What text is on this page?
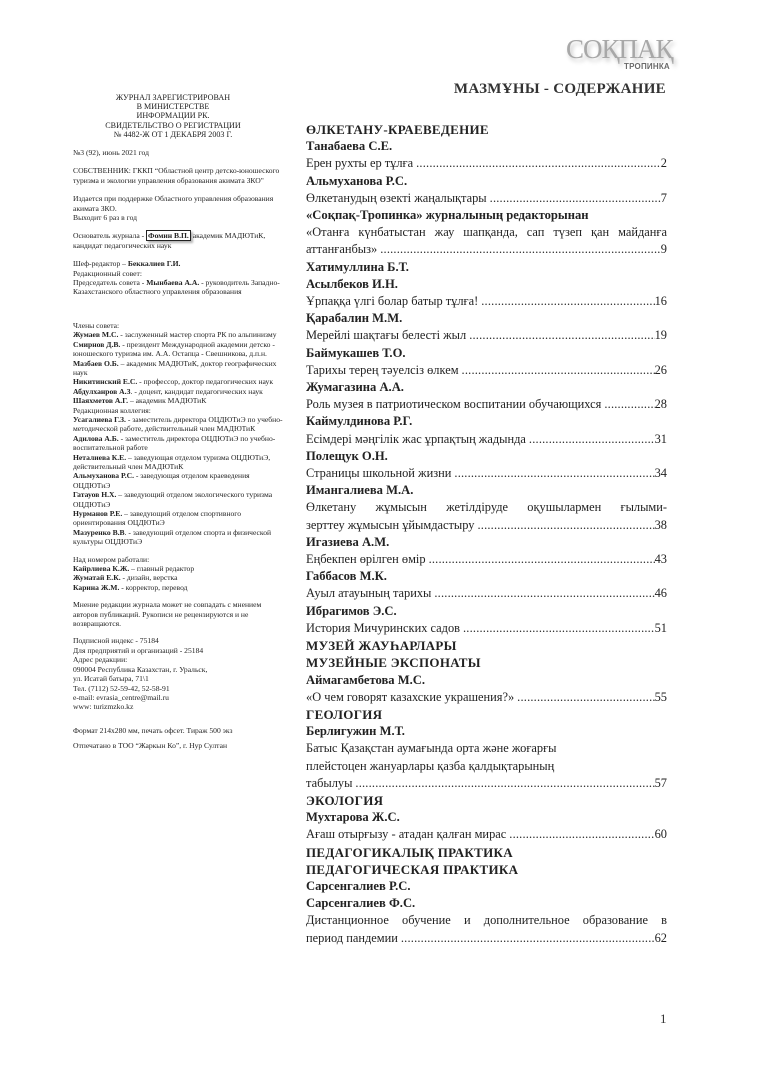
СОҚПАҚ
ТРОПИНКА
МАЗМҰНЫ - СОДЕРЖАНИЕ

ЖУРНАЛ ЗАРЕГИСТРИРОВАН

В МИНИСТЕРСТВЕ

ИНФОРМАЦИИ РК.

СВИДЕТЕЛЬСТВО О РЕГИСТРАЦИИ

№ 4482-Ж ОТ 1 ДЕКАБРЯ 2003 Г.

№3 (92), июнь 2021 год

СОБСТВЕННИК: ГККП “Областной центр детско-юношеского туризма и экологии управления образования акимата ЗКО"

Издается при поддержке Областного управления образования акимата ЗКО.

Выходит 6 раз в год

Основатель журнала - Фомин В.П. академик МАДЮТиК, кандидат педагогических наук

Шеф-редактор – Беккалиев Г.И.

Редакционный совет:

Председатель совета - Мынбаева А.А. - руководитель Западно-Казахстанского областного управления образования

Члены совета:

Жумаев М.С. - заслуженный мастер спорта РК по альпинизму

Смирнов Д.В. - президент Международной академии детско - юношеского туризма им. А.А. Остапца - Свешникова, д.п.н.

Мазбаев О.Б. – академик МАДЮТиК, доктор географических наук

Никитинский Е.С. - профессор, доктор педагогических наук

Абдулханров А.З. - доцент, кандидат педагогических наук

Шаяхметов А.Г. – академик МАДЮТиК

Редакционная коллегия:

Усагалиева Г.З. - заместитель директора ОЦДЮТиЭ по учебно-методической работе, действительный член МАДЮТиК

Адилова А.Б. - заместитель директора ОЦДЮТиЭ по учебно-воспитательной работе

Неталиева К.Е. – заведующая отделом туризма ОЦДЮТиЭ, действительный член МАДЮТиК

Альмуханова Р.С. - заведующая отделом краеведения ОЦДЮТиЭ

Гатауов Н.Х. – заведующий отделом экологического туризма ОЦДЮТиЭ

Нурманов Р.Е. – заведующий отделом спортивного ориентирования ОЦДЮТиЭ

Мазуренко В.В. - заведующий отделом спорта и физической культуры ОЦДЮТиЭ

Над номером работали:

Кайрлиева К.Ж. – главный редактор

Жуматай Е.К. - дизайн, верстка

Карина Ж.М. - корректор, перевод

Мнение редакции журнала может не совпадать с мнением авторов публикаций. Рукописи не рецензируются и не возвращаются.

Подписной индекс - 75184

Для предприятий и организаций - 25184

Адрес редакции:

090004 Республика Казахстан, г. Уральск,

ул. Исатай батыра, 71\1

Тел. (7112) 52-59-42, 52-58-91

e-mail: evrasia_centre@mail.ru

www: turizmzko.kz

Формат 214х280 мм, печать офсет. Тираж 500 экз

Отпечатано в ТОО “Жаркын Ко”, г. Нур Султан

ӨЛКЕТАНУ-КРАЕВЕДЕНИЕ
Танабаева С.Е.
Ерен рухты ер тұлға .....	2
Альмуханова Р.С.
Өлкетанудың өзекті жаңалықтары .....	7
«Соқпақ-Тропинка» журналының редакторынан
«Отанға күнбатыстан жау шапқанда, сап түзеп қан майданға
аттанғанбыз» .....	9
Хатимуллина Б.Т.
Асылбеков И.Н.
Ұрпаққа үлгі болар батыр тұлға! .....	16
Қарабалин М.М.
Мерейлі шақтағы белесті жыл .....	19
Баймукашев Т.О.
Тарихы терең тәуелсіз өлкем .....	26
Жумагазина А.А.
Роль музея в патриотическом воспитании обучающихся .....	28
Каймулдинова Р.Г.
Есімдері мәңгілік жас ұрпақтың жадында .....	31
Полещук О.Н.
Страницы школьной жизни .....	34
Имангалиева М.А.
Өлкетану жұмысын жетілдіруде оқушылармен ғылыми-
зерттеу жұмысын ұйымдастыру .....	38
Игазиева А.М.
Еңбекпен өрілген өмір .....	43
Габбасов М.К.
Ауыл атауының тарихы .....	46
Ибрагимов Э.С.
История Мичуринских садов .....	51
МУЗЕЙ ЖАУҺАРЛАРЫ
МУЗЕЙНЫЕ ЭКСПОНАТЫ
Аймагамбетова М.С.
«О чем говорят казахские украшения?» .....	55
ГЕОЛОГИЯ
Берлигужин М.Т.
Батыс Қазақстан аумағында орта және жоғарғы
плейстоцен жануарлары қазба қалдықтарының
табылуы .....	57
ЭКОЛОГИЯ
Мухтарова Ж.С.
Ағаш отырғызу - атадан қалған мирас .....	60
ПЕДАГОГИКАЛЫҚ ПРАКТИКА
ПЕДАГОГИЧЕСКАЯ ПРАКТИКА
Сарсенгалиев Р.С.
Сарсенгалиев Ф.С.
Дистанционное обучение и дополнительное образование в
период пандемии .....	62
1
